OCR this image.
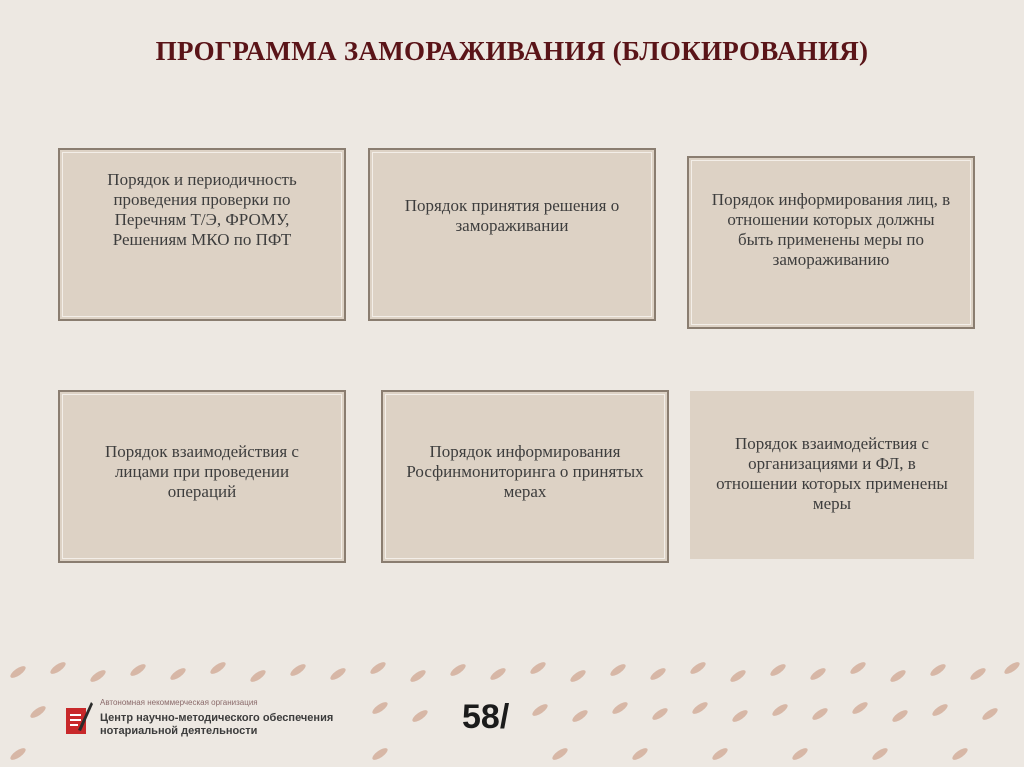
ПРОГРАММА ЗАМОРАЖИВАНИЯ (БЛОКИРОВАНИЯ)
Порядок и периодичность проведения проверки по Перечням Т/Э, ФРОМУ, Решениям МКО по ПФТ
Порядок принятия решения о замораживании
Порядок информирования лиц, в отношении которых должны быть применены меры по замораживанию
Порядок взаимодействия с лицами при проведении операций
Порядок информирования Росфинмониторинга о принятых мерах
Порядок взаимодействия с организациями и ФЛ, в отношении которых применены меры
Автономная некоммерческая организация
Центр научно-методического обеспечения нотариальной деятельности	58/
